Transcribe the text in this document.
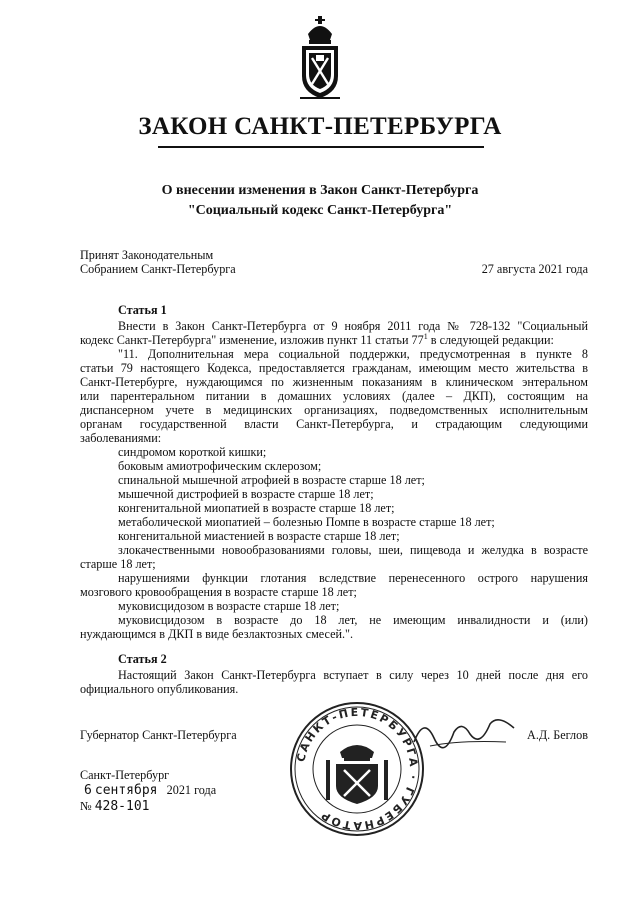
ЗАКОН САНКТ-ПЕТЕРБУРГА
О внесении изменения в Закон Санкт-Петербурга
"Социальный кодекс Санкт-Петербурга"
Принят Законодательным
Собранием Санкт-Петербурга	27 августа 2021 года
Статья 1
Внести в Закон Санкт-Петербурга от 9 ноября 2011 года № 728-132 "Социальный
кодекс Санкт-Петербурга" изменение, изложив пункт 11 статьи $77^1$ в следующей редакции:
"11. Дополнительная мера социальной поддержки, предусмотренная в пункте 8
статьи 79 настоящего Кодекса, предоставляется гражданам, имеющим место жительства в
Санкт-Петербурге, нуждающимся по жизненным показаниям в клиническом энтеральном
или парентеральном питании в домашних условиях (далее – ДКП), состоящим на
диспансерном учете в медицинских организациях, подведомственных исполнительным
органам государственной власти Санкт-Петербурга, и страдающим следующими
заболеваниями:
синдромом короткой кишки;
боковым амиотрофическим склерозом;
спинальной мышечной атрофией в возрасте старше 18 лет;
мышечной дистрофией в возрасте старше 18 лет;
конгенитальной миопатией в возрасте старше 18 лет;
метаболической миопатией – болезнью Помпе в возрасте старше 18 лет;
конгенитальной миастенией в возрасте старше 18 лет;
злокачественными новообразованиями головы, шеи, пищевода и желудка в возрасте
старше 18 лет;
нарушениями функции глотания вследствие перенесенного острого нарушения
мозгового кровообращения в возрасте старше 18 лет;
муковисцидозом в возрасте старше 18 лет;
муковисцидозом в возрасте до 18 лет, не имеющим инвалидности и (или)
нуждающимся в ДКП в виде безлактозных смесей.".
Статья 2
Настоящий Закон Санкт-Петербурга вступает в силу через 10 дней после дня его
официального опубликования.
Губернатор Санкт-Петербурга	А.Д. Беглов
САНКТ-ПЕТЕРБУРГА · ГУБЕРНАТОР
Санкт-Петербург
6 сентября 2021 года
№ 428-101
